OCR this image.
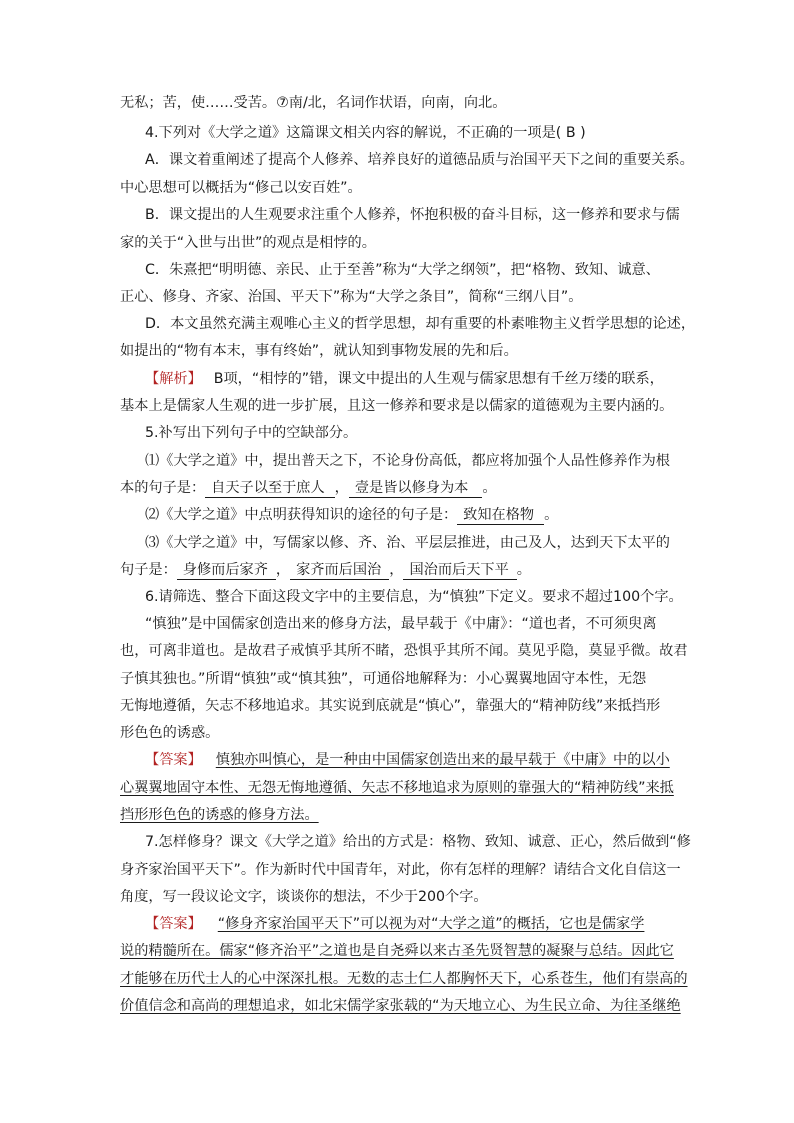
无私；苦，使……受苦。⑦南/北，名词作状语，向南，向北。
4.下列对《大学之道》这篇课文相关内容的解说，不正确的一项是( B )
A．课文着重阐述了提高个人修养、培养良好的道德品质与治国平天下之间的重要关系。
中心思想可以概括为“修己以安百姓”。
B．课文提出的人生观要求注重个人修养，怀抱积极的奋斗目标，这一修养和要求与儒
家的关于“入世与出世”的观点是相悖的。
C．朱熹把“明明德、亲民、止于至善”称为“大学之纲领”，把“格物、致知、诚意、
正心、修身、齐家、治国、平天下”称为“大学之条目”，简称“三纲八目”。
D．本文虽然充满主观唯心主义的哲学思想，却有重要的朴素唯物主义哲学思想的论述，
如提出的“物有本末，事有终始”，就认知到事物发展的先和后。
【解析】 B项，“相悖的”错，课文中提出的人生观与儒家思想有千丝万缕的联系，
基本上是儒家人生观的进一步扩展，且这一修养和要求是以儒家的道德观为主要内涵的。
5.补写出下列句子中的空缺部分。
⑴《大学之道》中，提出普天之下，不论身份高低，都应将加强个人品性修养作为根
本的句子是： 自天子以至于庶人 ， 壹是皆以修身为本 。
⑵《大学之道》中点明获得知识的途径的句子是： 致知在格物 。
⑶《大学之道》中，写儒家以修、齐、治、平层层推进，由己及人，达到天下太平的
句子是： 身修而后家齐 ， 家齐而后国治 ， 国治而后天下平 。
6.请筛选、整合下面这段文字中的主要信息，为“慎独”下定义。要求不超过100个字。
“慎独”是中国儒家创造出来的修身方法，最早载于《中庸》：“道也者，不可须臾离
也，可离非道也。是故君子戒慎乎其所不睹，恐惧乎其所不闻。莫见乎隐，莫显乎微。故君
子慎其独也。”所谓“慎独”或“慎其独”，可通俗地解释为：小心翼翼地固守本性，无怨
无悔地遵循，矢志不移地追求。其实说到底就是“慎心”，靠强大的“精神防线”来抵挡形
形色色的诱惑。
【答案】 慎独亦叫慎心，是一种由中国儒家创造出来的最早载于《中庸》中的以小
心翼翼地固守本性、无怨无悔地遵循、矢志不移地追求为原则的靠强大的“精神防线”来抵
挡形形色色的诱惑的修身方法。
7.怎样修身？课文《大学之道》给出的方式是：格物、致知、诚意、正心，然后做到“修
身齐家治国平天下”。作为新时代中国青年，对此，你有怎样的理解？请结合文化自信这一
角度，写一段议论文字，谈谈你的想法，不少于200个字。
【答案】 “修身齐家治国平天下”可以视为对“大学之道”的概括，它也是儒家学
说的精髓所在。儒家“修齐治平”之道也是自尧舜以来古圣先贤智慧的凝聚与总结。因此它
才能够在历代士人的心中深深扎根。无数的志士仁人都胸怀天下，心系苍生，他们有崇高的
价值信念和高尚的理想追求，如北宋儒学家张载的“为天地立心、为生民立命、为往圣继绝
